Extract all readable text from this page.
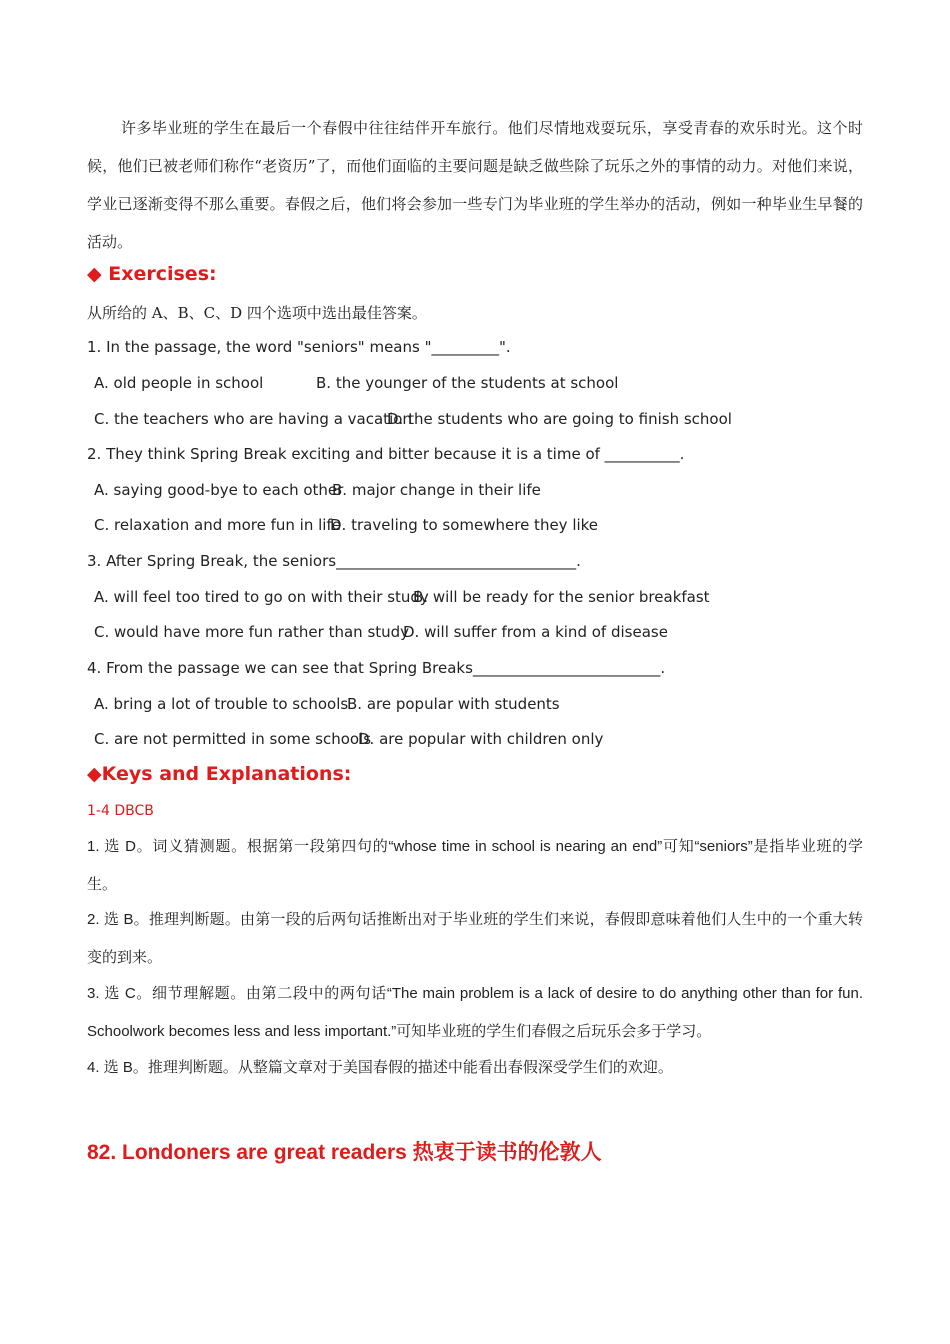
许多毕业班的学生在最后一个春假中往往结伴开车旅行。他们尽情地戏耍玩乐，享受青春的欢乐时光。这个时候，他们已被老师们称作“老资历”了，而他们面临的主要问题是缺乏做些除了玩乐之外的事情的动力。对他们来说，学业已逐渐变得不那么重要。春假之后，他们将会参加一些专门为毕业班的学生举办的活动，例如一种毕业生早餐的活动。
◆ Exercises:
从所给的 A、B、C、D 四个选项中选出最佳答案。
1. In the passage, the word "seniors" means "_________".
A. old people in school	B. the younger of the students at school
C. the teachers who are having a vacation
D. the students who are going to finish school
2. They think Spring Break exciting and bitter because it is a time of __________.
A. saying good-bye to each other
B. major change in their life
C. relaxation and more fun in life
D. traveling to somewhere they like
3. After Spring Break, the seniors________________________________.
A. will feel too tired to go on with their study
B. will be ready for the senior breakfast
C. would have more fun rather than study
D. will suffer from a kind of disease
4. From the passage we can see that Spring Breaks_________________________.
A. bring a lot of trouble to schools
B. are popular with students
C. are not permitted in some schools
D. are popular with children only
◆Keys and Explanations:
1-4 DBCB
1. 选 D。词义猜测题。根据第一段第四句的“whose time in school is nearing an end”可知“seniors”是指毕业班的学生。
2. 选 B。推理判断题。由第一段的后两句话推断出对于毕业班的学生们来说，春假即意味着他们人生中的一个重大转变的到来。
3. 选 C。细节理解题。由第二段中的两句话“The main problem is a lack of desire to do anything other than for fun. Schoolwork becomes less and less important.”可知毕业班的学生们春假之后玩乐会多于学习。
4. 选 B。推理判断题。从整篇文章对于美国春假的描述中能看出春假深受学生们的欢迎。
82. Londoners are great readers 热衷于读书的伦敦人
